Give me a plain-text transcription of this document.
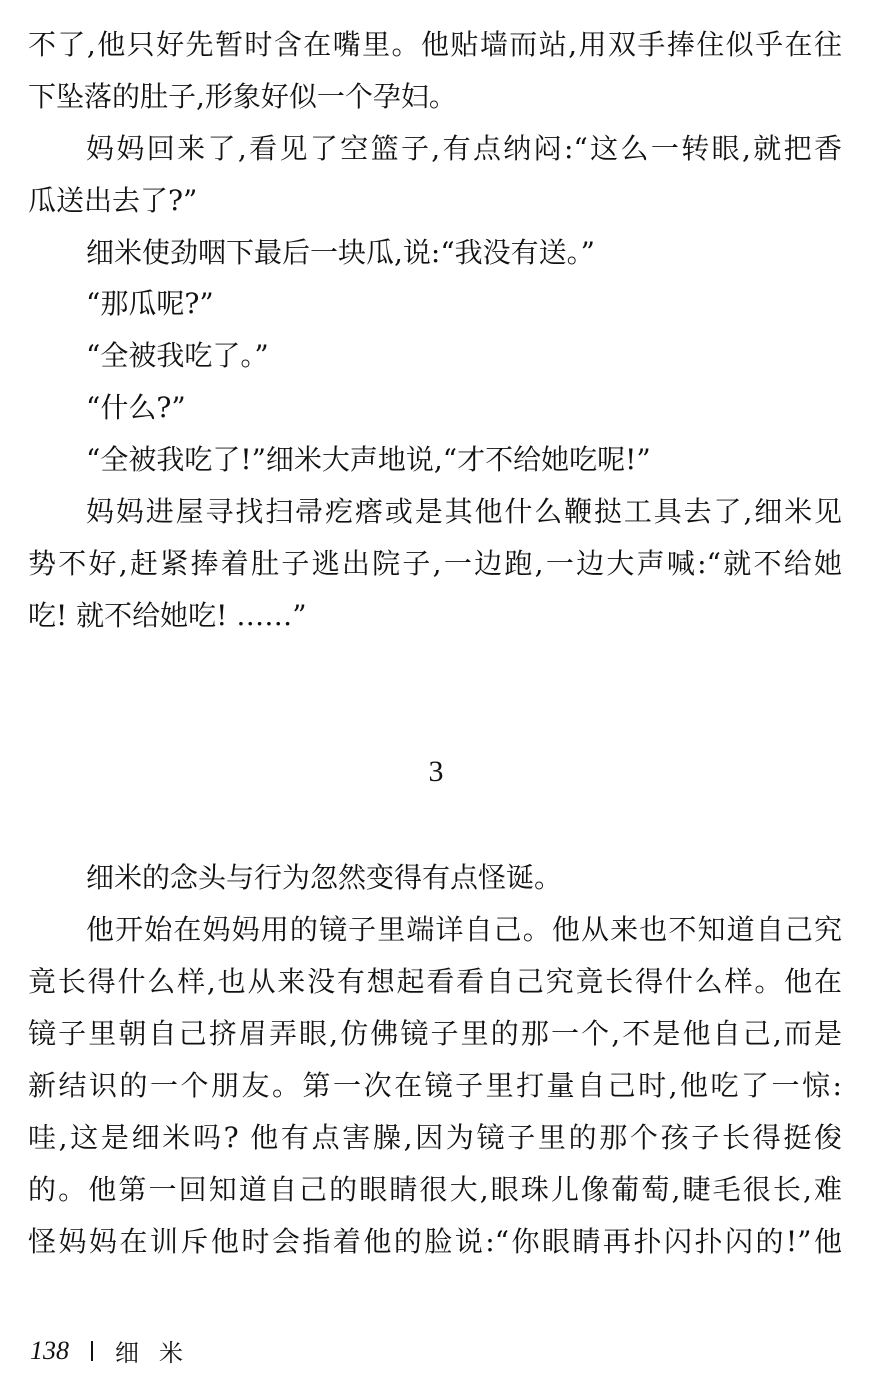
不了,他只好先暂时含在嘴里。他贴墙而站,用双手捧住似乎在往
下坠落的肚子,形象好似一个孕妇。
妈妈回来了,看见了空篮子,有点纳闷:“这么一转眼,就把香
瓜送出去了?”
细米使劲咽下最后一块瓜,说:“我没有送。”
“那瓜呢?”
“全被我吃了。”
“什么?”
“全被我吃了!”细米大声地说,“才不给她吃呢!”
妈妈进屋寻找扫帚疙瘩或是其他什么鞭挞工具去了,细米见
势不好,赶紧捧着肚子逃出院子,一边跑,一边大声喊:“就不给她
吃! 就不给她吃! ……”
3
细米的念头与行为忽然变得有点怪诞。
他开始在妈妈用的镜子里端详自己。他从来也不知道自己究
竟长得什么样,也从来没有想起看看自己究竟长得什么样。他在
镜子里朝自己挤眉弄眼,仿佛镜子里的那一个,不是他自己,而是
新结识的一个朋友。第一次在镜子里打量自己时,他吃了一惊:
哇,这是细米吗? 他有点害臊,因为镜子里的那个孩子长得挺俊
的。他第一回知道自己的眼睛很大,眼珠儿像葡萄,睫毛很长,难
怪妈妈在训斥他时会指着他的脸说:“你眼睛再扑闪扑闪的!”他
138 细米
